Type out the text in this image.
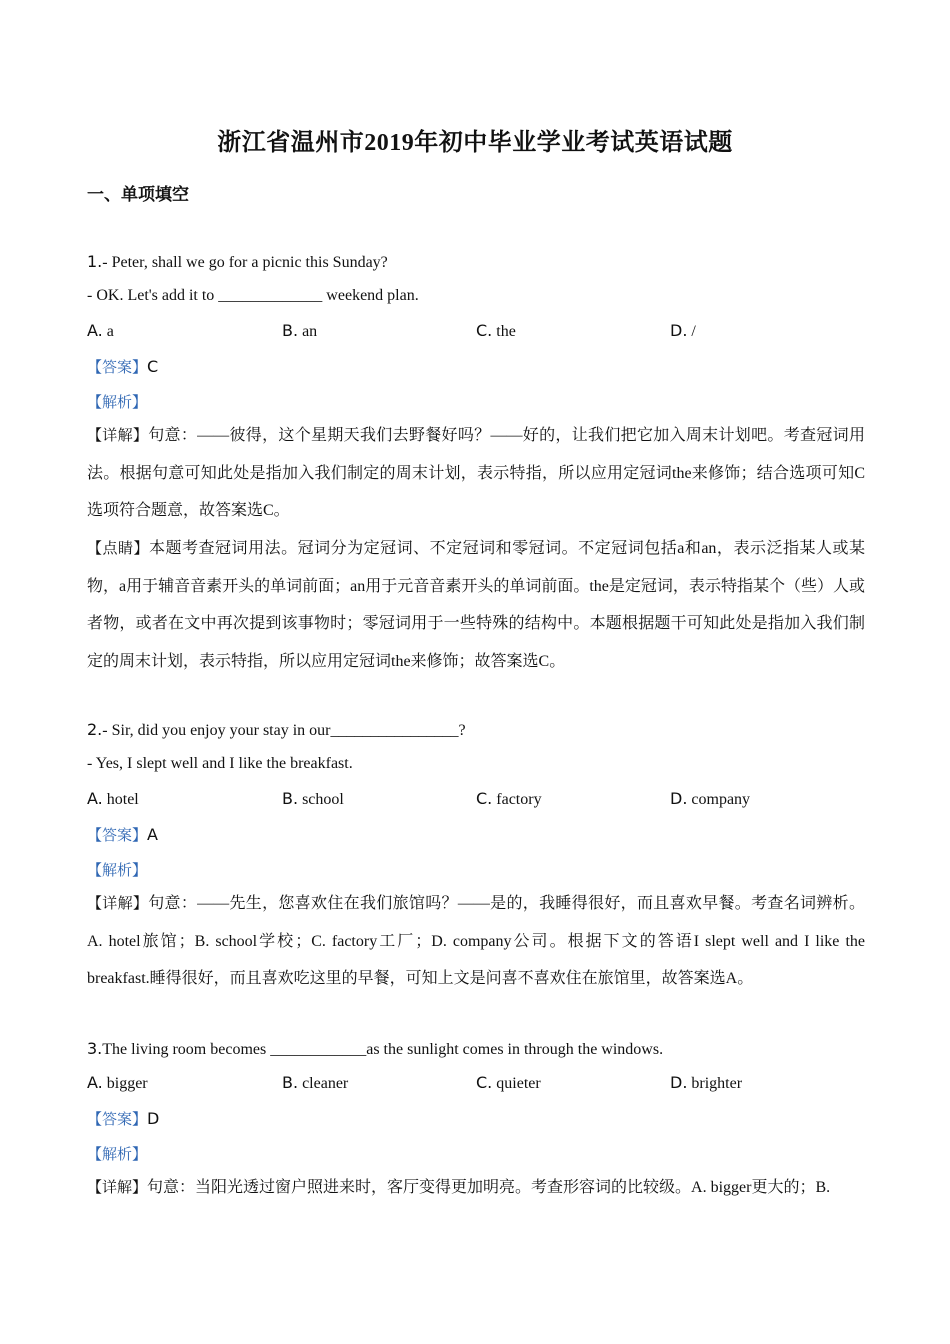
浙江省温州市2019年初中毕业学业考试英语试题
一、单项填空
1.- Peter, shall we go for a picnic this Sunday?
- OK. Let's add it to _____________ weekend plan.
A. a	B. an	C. the	D. /
【答案】C
【解析】
【详解】句意：——彼得，这个星期天我们去野餐好吗？——好的，让我们把它加入周末计划吧。考查冠词用法。根据句意可知此处是指加入我们制定的周末计划，表示特指，所以应用定冠词the来修饰；结合选项可知C选项符合题意，故答案选C。
【点睛】本题考查冠词用法。冠词分为定冠词、不定冠词和零冠词。不定冠词包括a和an，表示泛指某人或某物，a用于辅音音素开头的单词前面；an用于元音音素开头的单词前面。the是定冠词，表示特指某个（些）人或者物，或者在文中再次提到该事物时；零冠词用于一些特殊的结构中。本题根据题干可知此处是指加入我们制定的周末计划，表示特指，所以应用定冠词the来修饰；故答案选C。
2.- Sir, did you enjoy your stay in our________________?
- Yes, I slept well and I like the breakfast.
A. hotel	B. school	C. factory	D. company
【答案】A
【解析】
【详解】句意：——先生，您喜欢住在我们旅馆吗？——是的，我睡得很好，而且喜欢早餐。考查名词辨析。A. hotel旅馆；B. school学校；C. factory工厂；D. company公司。根据下文的答语I slept well and I like the breakfast.睡得很好，而且喜欢吃这里的早餐，可知上文是问喜不喜欢住在旅馆里，故答案选A。
3.The living room becomes ____________as the sunlight comes in through the windows.
A. bigger	B. cleaner	C. quieter	D. brighter
【答案】D
【解析】
【详解】句意：当阳光透过窗户照进来时，客厅变得更加明亮。考查形容词的比较级。A. bigger更大的；B.
